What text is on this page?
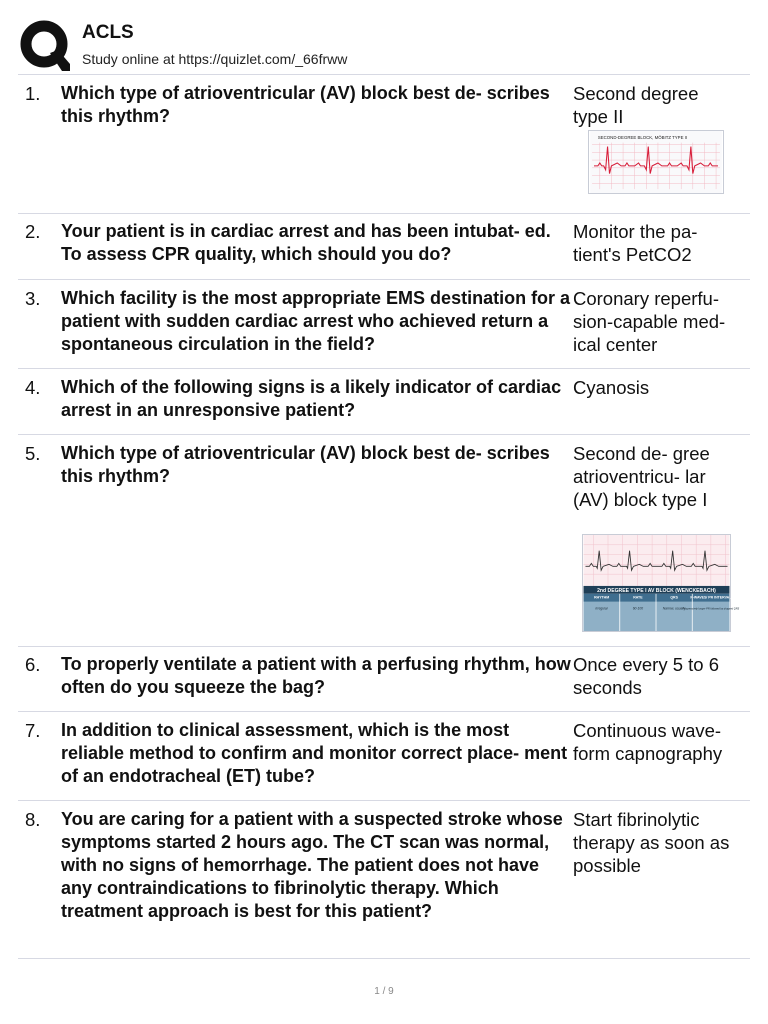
ACLS
Study online at https://quizlet.com/_66frww
1. Which type of atrioventricular (AV) block best de- scribes this rhythm?
Second degree type II
SECOND-DEGREE BLOCK, MÖBITZ TYPE II
2. Your patient is in cardiac arrest and has been intubat- ed. To assess CPR quality, which should you do?
Monitor the pa- tient's PetCO2
3. Which facility is the most appropriate EMS destination for a patient with sudden cardiac arrest who achieved return a spontaneous circulation in the field?
Coronary reperfu- sion-capable med- ical center
4. Which of the following signs is a likely indicator of cardiac arrest in an unresponsive patient?
Cyanosis
5. Which type of atrioventricular (AV) block best de- scribes this rhythm?
Second de- gree atrioventricu- lar (AV) block type I
2nd DEGREE TYPE I AV BLOCK (WENCKEBACH)
RHYTHM	RATE	QRS	P-WAVES/ PR INTERVAL
Irregular	60-100	Narrow, usually
Progressively longer PR followed by dropped QRS
6. To properly ventilate a patient with a perfusing rhythm, how often do you squeeze the bag?
Once every 5 to 6 seconds
7. In addition to clinical assessment, which is the most reliable method to confirm and monitor correct place- ment of an endotracheal (ET) tube?
Continuous wave- form capnography
8. You are caring for a patient with a suspected stroke whose symptoms started 2 hours ago. The CT scan was normal, with no signs of hemorrhage. The patient does not have any contraindications to fibrinolytic therapy. Which treatment approach is best for this patient?
Start fibrinolytic therapy as soon as possible
1 / 9
